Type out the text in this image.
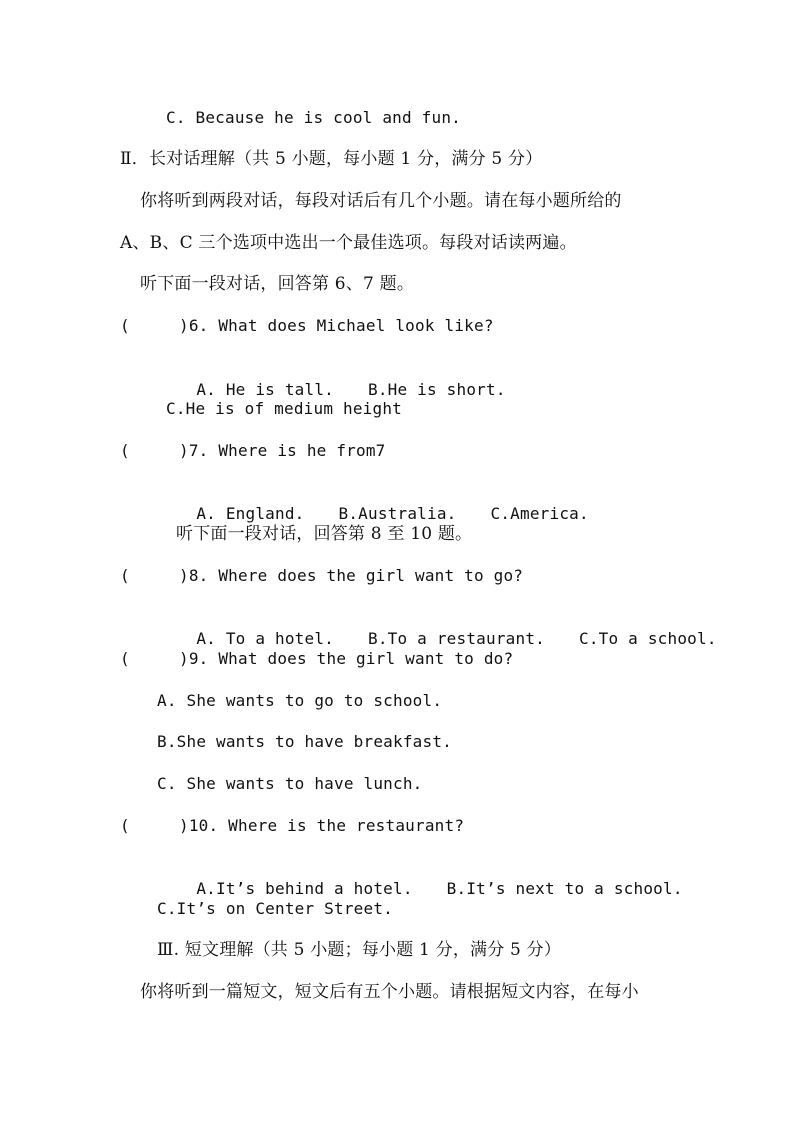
C. Because he is cool and fun.
Ⅱ．长对话理解（共 5 小题，每小题 1 分，满分 5 分）
你将听到两段对话，每段对话后有几个小题。请在每小题所给的
A、B、C 三个选项中选出一个最佳选项。每段对话读两遍。
听下面一段对话，回答第 6、7 题。
(     )6. What does Michael look like?

A. He is tall. B.He is short.

C.He is of medium height
(     )7. Where is he from7

A. England. B.Australia. C.America.

听下面一段对话，回答第 8 至 10 题。
(     )8. Where does the girl want to go?

A. To a hotel. B.To a restaurant. C.To a school.

(     )9. What does the girl want to do?
A. She wants to go to school.
B.She wants to have breakfast.
C. She wants to have lunch.
(     )10. Where is the restaurant?

A.It’s behind a hotel. B.It’s next to a school.

C.It’s on Center Street.
Ⅲ. 短文理解（共 5 小题；每小题 1 分，满分 5 分）
你将听到一篇短文，短文后有五个小题。请根据短文内容，在每小
